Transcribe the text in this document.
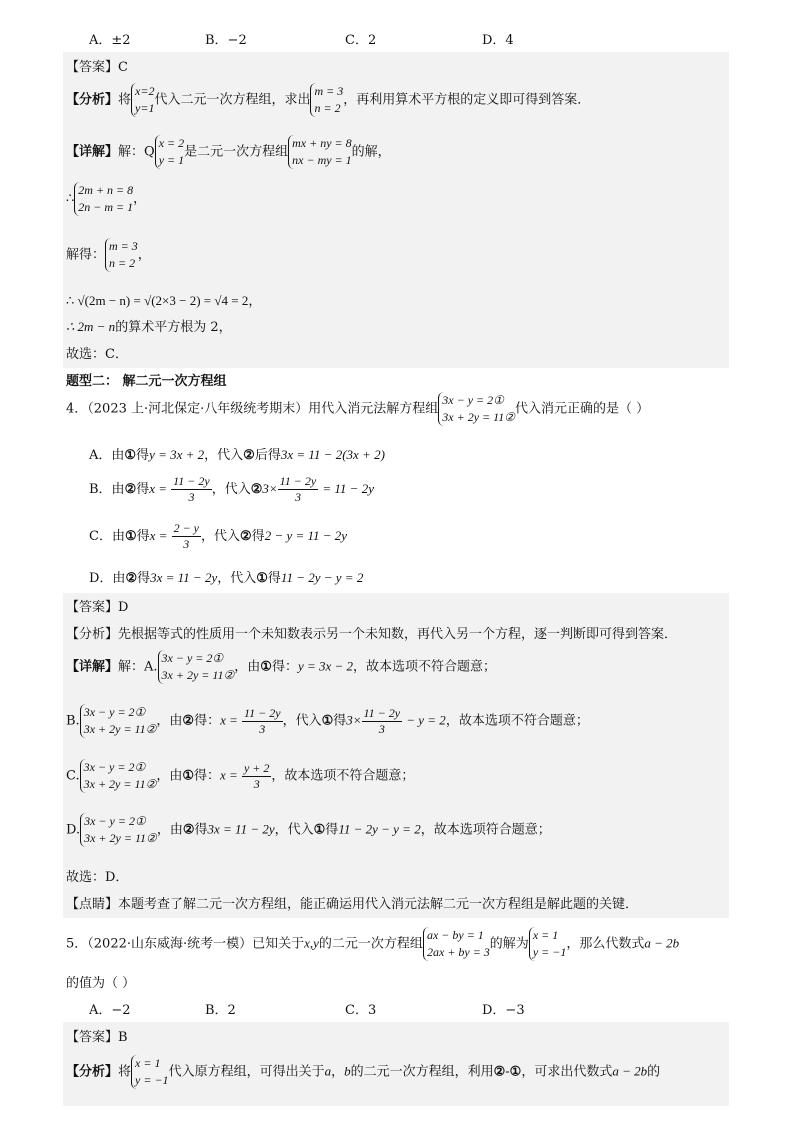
A．±2	B．−2	C．2	D．4
【答案】C
【分析】将
x=2
y=1
代入二元一次方程组，求出
m = 3
n = 2
，再利用算术平方根的定义即可得到答案．
【详解】解：Q
x = 2
y = 1
是二元一次方程组
mx + ny = 8
nx − my = 1
的解，
∴
2m + n = 8
2n − m = 1
，
解得：
m = 3
n = 2
，
∴ √(2m − n) = √(2×3 − 2) = √4 = 2，
∴ 2m − n的算术平方根为 2，
故选：C．
题型二： 解二元一次方程组
4．（2023 上·河北保定·八年级统考期末）用代入消元法解方程组
3x − y = 2①
3x + 2y = 11②
代入消元正确的是（ ）
A．由①得y = 3x + 2，代入②后得3x = 11 − 2(3x + 2)
B．由②得$x = \frac{11 - 2y}{3}$ ，代入②3× $\frac{11 - 2y}{3} = 11 - 2y$
C．由①得$x = \frac{2 - y}{3}$ ，代入②得2 − y = 11 − 2y
D．由②得3x = 11 − 2y，代入①得11 − 2y − y = 2
【答案】D
【分析】先根据等式的性质用一个未知数表示另一个未知数，再代入另一个方程，逐一判断即可得到答案．
【详解】解：A.
3x − y = 2①
3x + 2y = 11②
，由①得：y = 3x − 2，故本选项不符合题意；
B.
3x − y = 2①
3x + 2y = 11②
，由②得：$x = \frac{11 - 2y}{3}$ ，代入①得$3\times \frac{11 - 2y}{3} - y = 2$，故本选项不符合题意；
C.
3x − y = 2①
3x + 2y = 11②
，由①得：$x = \frac{y + 2}{3}$ ，故本选项不符合题意；
D.
3x − y = 2①
3x + 2y = 11②
，由②得3x = 11 − 2y，代入①得11 − 2y − y = 2，故本选项符合题意；
故选：D．
【点睛】本题考查了解二元一次方程组，能正确运用代入消元法解二元一次方程组是解此题的关键．
5．（2022·山东威海·统考一模）已知关于x,y的二元一次方程组
ax − by = 1
2ax + by = 3
的解为
x = 1
y = −1
，那么代数式a − 2b
的值为（ ）
A．−2	B．2	C．3	D．−3
【答案】B
【分析】将
x = 1
y = −1
代入原方程组，可得出关于a，b的二元一次方程组，利用②-①，可求出代数式a − 2b的
